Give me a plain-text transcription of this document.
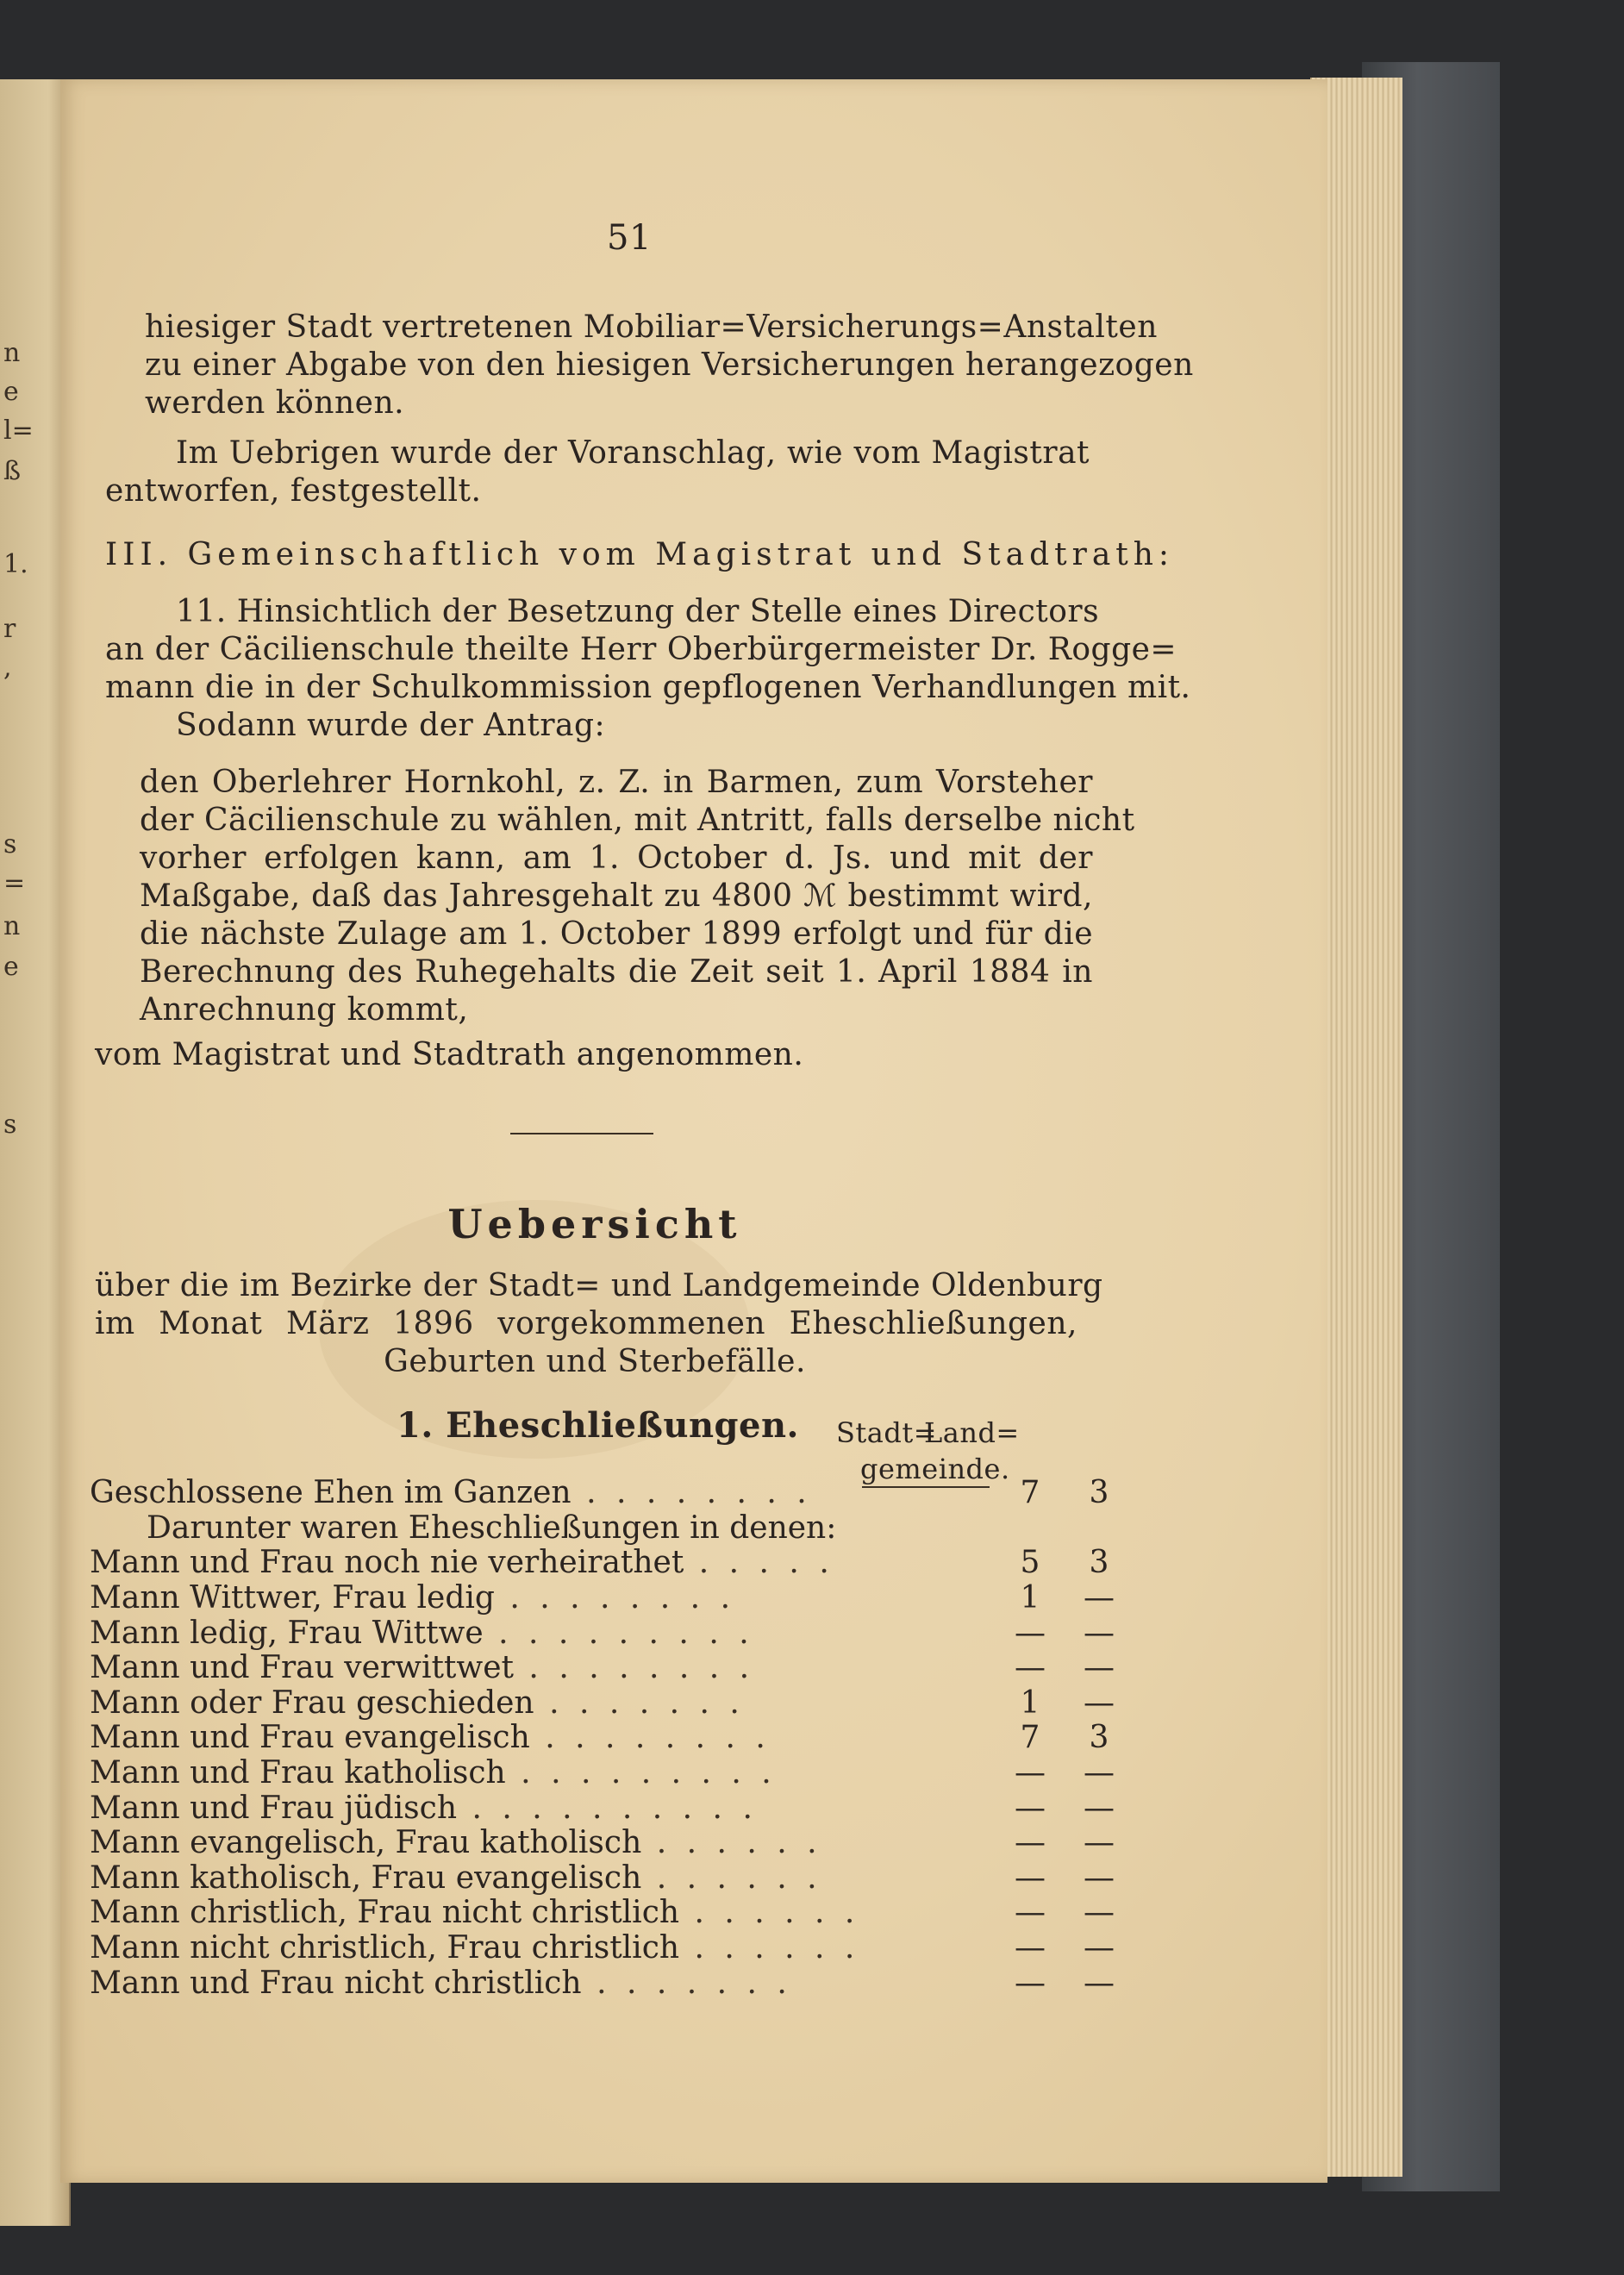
n
e
l=
ß
1.
r
,
s
=
n
e
s
51
hiesiger Stadt vertretenen Mobiliar=Versicherungs=Anstalten
zu einer Abgabe von den hiesigen Versicherungen herangezogen
werden können.
Im Uebrigen wurde der Voranschlag, wie vom Magistrat
entworfen, festgestellt.
III. Gemeinschaftlich vom Magistrat und Stadtrath:
11. Hinsichtlich der Besetzung der Stelle eines Directors
an der Cäcilienschule theilte Herr Oberbürgermeister Dr. Rogge=
mann die in der Schulkommission gepflogenen Verhandlungen mit.
Sodann wurde der Antrag:
den Oberlehrer Hornkohl, z. Z. in Barmen, zum Vorsteher
der Cäcilienschule zu wählen, mit Antritt, falls derselbe nicht
vorher erfolgen kann, am 1. October d. Js. und mit der
Maßgabe, daß das Jahresgehalt zu 4800 ℳ bestimmt wird,
die nächste Zulage am 1. October 1899 erfolgt und für die
Berechnung des Ruhegehalts die Zeit seit 1. April 1884 in
Anrechnung kommt,
vom Magistrat und Stadtrath angenommen.
Uebersicht
über die im Bezirke der Stadt= und Landgemeinde Oldenburg
im Monat März 1896 vorgekommenen Eheschließungen,
Geburten und Sterbefälle.
1. Eheschließungen. Stadt=
Land=
gemeinde.
Geschlossene Ehen im Ganzen . . . . . . . .	7	3
Darunter waren Eheschließungen in denen:		
Mann und Frau noch nie verheirathet . . . . .	5	3
Mann Wittwer, Frau ledig . . . . . . . .	1	—
Mann ledig, Frau Wittwe . . . . . . . . .	—	—
Mann und Frau verwittwet . . . . . . . .	—	—
Mann oder Frau geschieden . . . . . . .	1	—
Mann und Frau evangelisch . . . . . . . .	7	3
Mann und Frau katholisch . . . . . . . . .	—	—
Mann und Frau jüdisch . . . . . . . . . .	—	—
Mann evangelisch, Frau katholisch . . . . . .	—	—
Mann katholisch, Frau evangelisch . . . . . .	—	—
Mann christlich, Frau nicht christlich . . . . . .	—	—
Mann nicht christlich, Frau christlich . . . . . .	—	—
Mann und Frau nicht christlich . . . . . . .	—	—
